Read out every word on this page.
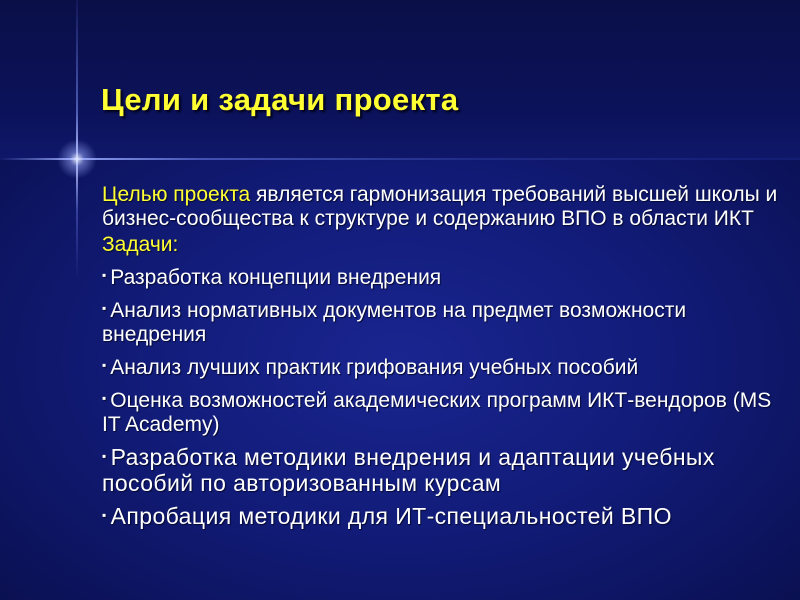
Цели и задачи проекта

Целью проекта является гармонизация требований высшей школы и бизнес-сообщества к структуре и содержанию ВПО в области ИКТ

Задачи:

▪ Разработка концепции внедрения

▪ Анализ нормативных документов на предмет возможности внедрения

▪ Анализ лучших практик грифования учебных пособий

▪ Оценка возможностей академических программ ИКТ-вендоров (MS IT Academy)

▪ Разработка методики внедрения и адаптации учебных пособий по авторизованным курсам

▪ Апробация методики для ИТ-специальностей ВПО
